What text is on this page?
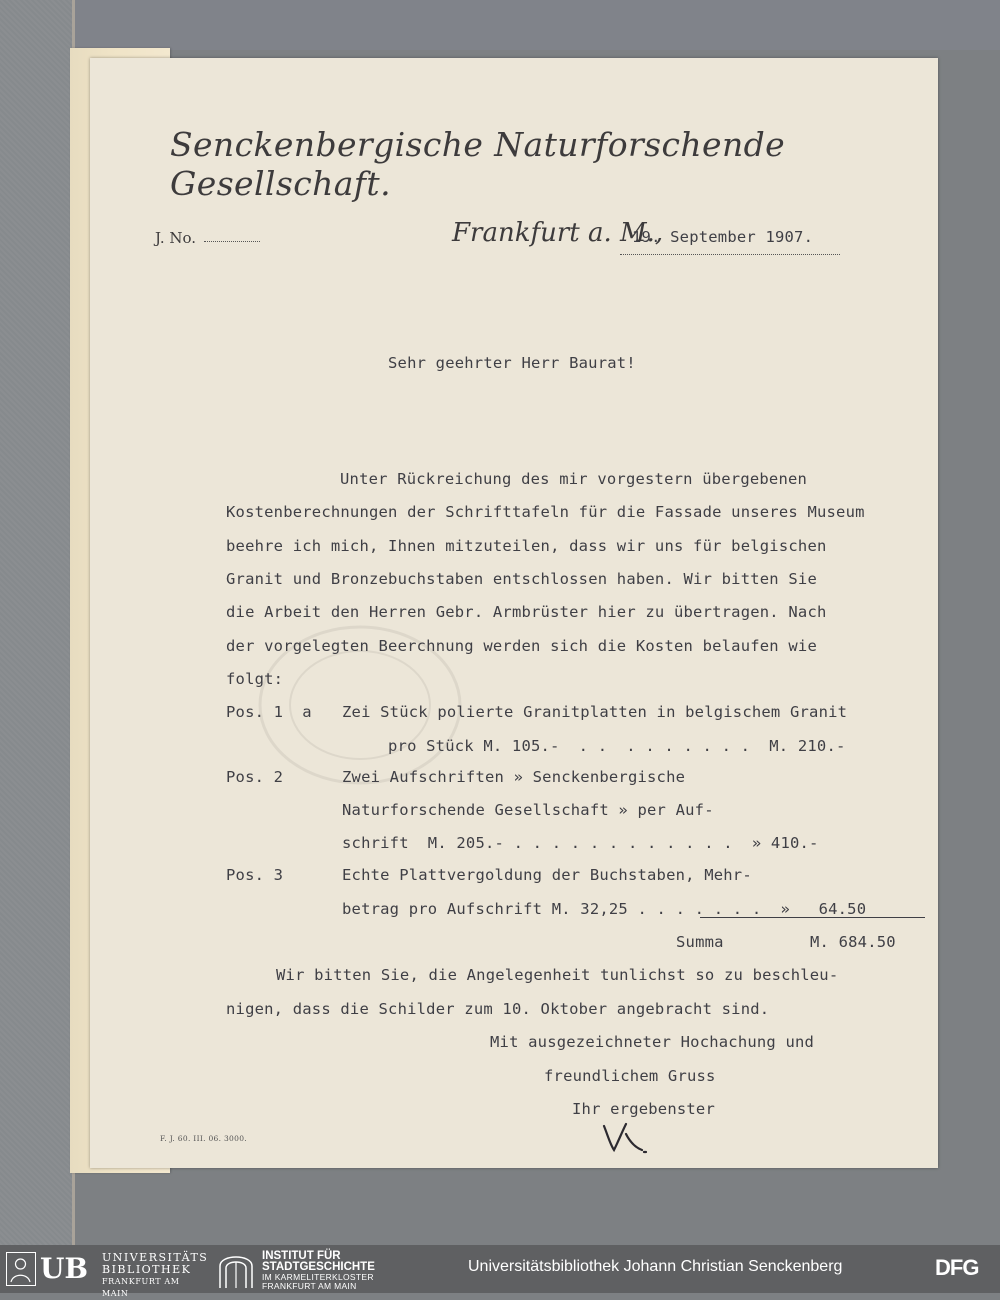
Senckenbergische Naturforschende Gesellschaft.
J. No.	Frankfurt a. M.,
19. September 1907.
Sehr geehrter Herr Baurat!
Unter Rückreichung des mir vorgestern übergebenen
Kostenberechnungen der Schrifttafeln für die Fassade unseres Museum
beehre ich mich, Ihnen mitzuteilen, dass wir uns für belgischen
Granit und Bronzebuchstaben entschlossen haben. Wir bitten Sie
die Arbeit den Herren Gebr. Armbrüster hier zu übertragen. Nach
der vorgelegten Beerchnung werden sich die Kosten belaufen wie
folgt:
Pos. 1  a Zei Stück polierte Granitplatten in belgischem Granit
pro Stück M. 105.-  . .  . . . . . . .  M. 210.-
Pos. 2	Zwei Aufschriften » Senckenbergische
Naturforschende Gesellschaft » per Auf-
schrift  M. 205.- . . . . . . . . . . . .  » 410.-
Pos. 3	Echte Plattvergoldung der Buchstaben, Mehr-
betrag pro Aufschrift M. 32,25 . . . . . . .  »   64.50
Summa	M. 684.50
Wir bitten Sie, die Angelegenheit tunlichst so zu beschleu-
nigen, dass die Schilder zum 10. Oktober angebracht sind.
Mit ausgezeichneter Hochachung und
freundlichem Gruss
Ihr ergebenster
F. J. 60. III. 06. 3000.
UB UNIVERSITÄTS
BIBLIOTHEK
FRANKFURT AM MAIN
INSTITUT FÜR
STADTGESCHICHTE
IM KARMELITERKLOSTER
FRANKFURT AM MAIN
Universitätsbibliothek Johann Christian Senckenberg	DFG
